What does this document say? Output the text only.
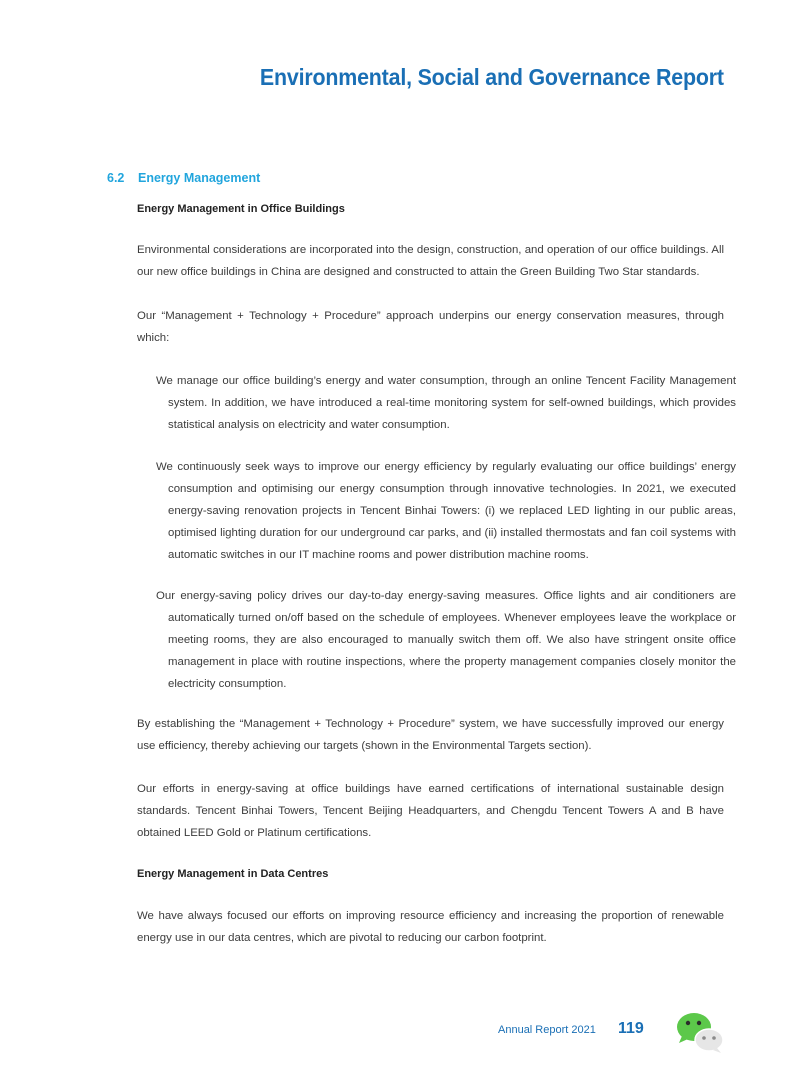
Environmental, Social and Governance Report
6.2 Energy Management
Energy Management in Office Buildings

Environmental considerations are incorporated into the design, construction, and operation of our office buildings. All our new office buildings in China are designed and constructed to attain the Green Building Two Star standards.

Our “Management + Technology + Procedure” approach underpins our energy conservation measures, through which:

We manage our office building’s energy and water consumption, through an online Tencent Facility Management system. In addition, we have introduced a real-time monitoring system for self-owned buildings, which provides statistical analysis on electricity and water consumption.

We continuously seek ways to improve our energy efficiency by regularly evaluating our office buildings’ energy consumption and optimising our energy consumption through innovative technologies. In 2021, we executed energy-saving renovation projects in Tencent Binhai Towers: (i) we replaced LED lighting in our public areas, optimised lighting duration for our underground car parks, and (ii) installed thermostats and fan coil systems with automatic switches in our IT machine rooms and power distribution machine rooms.

Our energy-saving policy drives our day-to-day energy-saving measures. Office lights and air conditioners are automatically turned on/off based on the schedule of employees. Whenever employees leave the workplace or meeting rooms, they are also encouraged to manually switch them off. We also have stringent onsite office management in place with routine inspections, where the property management companies closely monitor the electricity consumption.

By establishing the “Management + Technology + Procedure” system, we have successfully improved our energy use efficiency, thereby achieving our targets (shown in the Environmental Targets section).

Our efforts in energy-saving at office buildings have earned certifications of international sustainable design standards. Tencent Binhai Towers, Tencent Beijing Headquarters, and Chengdu Tencent Towers A and B have obtained LEED Gold or Platinum certifications.

Energy Management in Data Centres

We have always focused our efforts on improving resource efficiency and increasing the proportion of renewable energy use in our data centres, which are pivotal to reducing our carbon footprint.

Annual Report 2021 119
